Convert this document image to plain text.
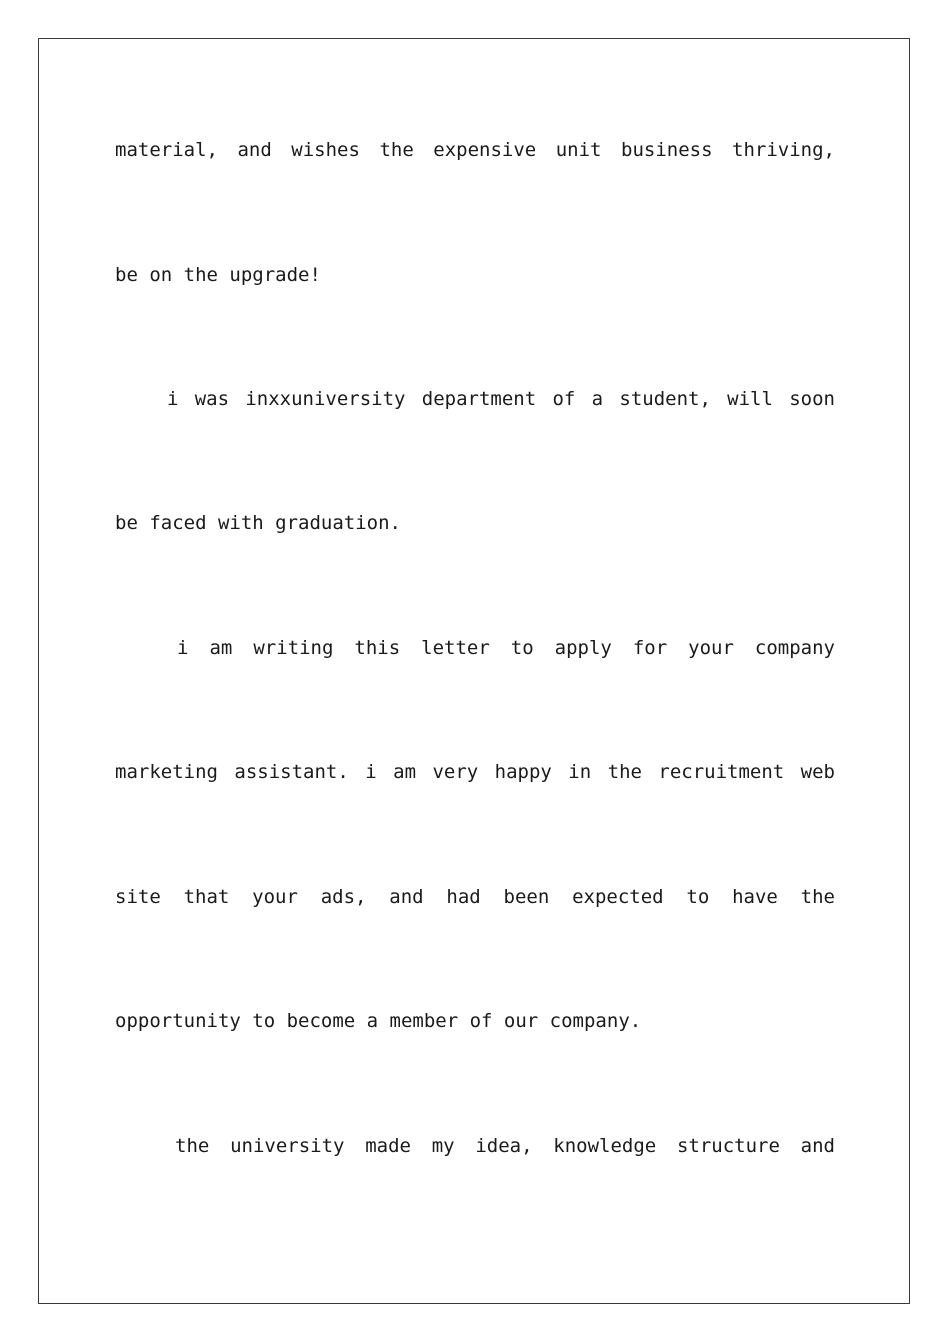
material, and wishes the expensive unit business thriving,
be on the upgrade!
i was inxxuniversity department of a student, will soon
be faced with graduation.
i am writing this letter to apply for your company
marketing assistant. i am very happy in the recruitment web
site that your ads, and had been expected to have the
opportunity to become a member of our company.
the university made my idea, knowledge structure and
